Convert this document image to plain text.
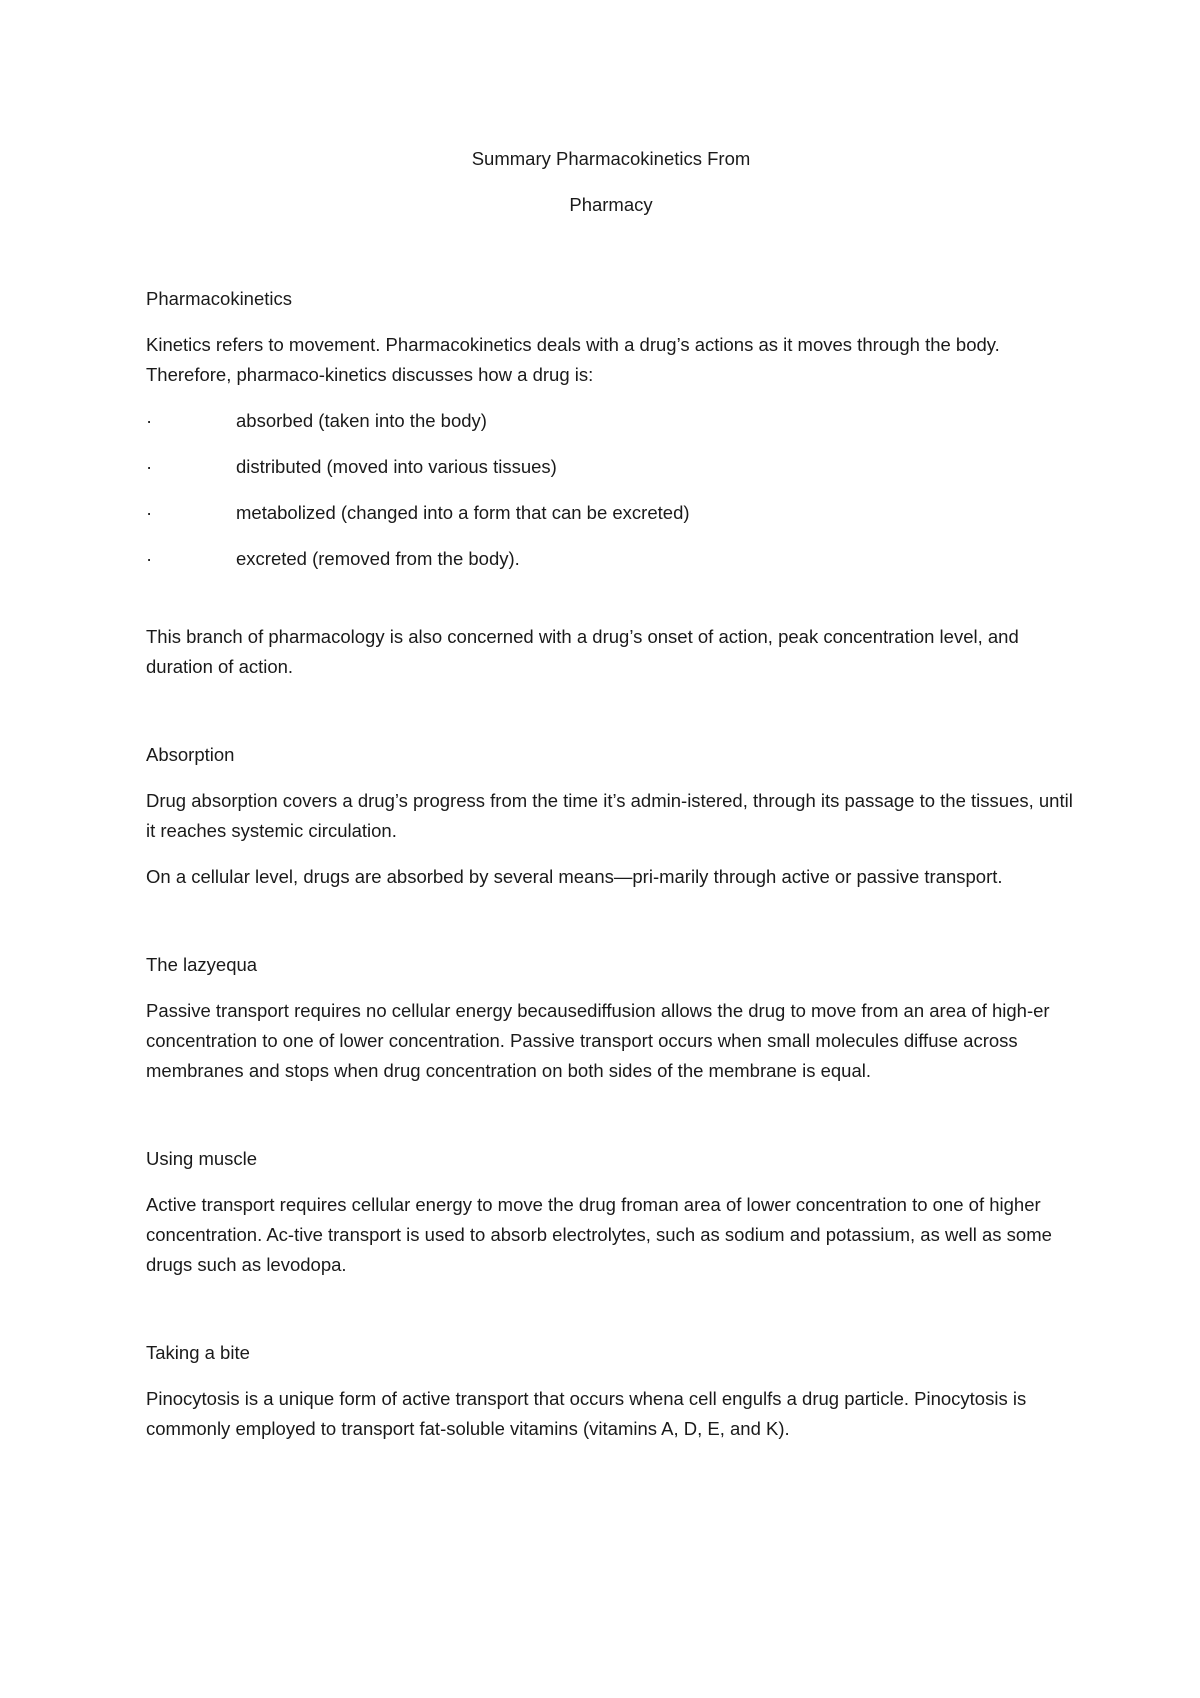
Summary Pharmacokinetics From

Pharmacy

Pharmacokinetics

Kinetics refers to movement. Pharmacokinetics deals with a drug’s actions as it moves through the body. Therefore, pharmaco-kinetics discusses how a drug is:

·	absorbed (taken into the body)
·	distributed (moved into various tissues)
·	metabolized (changed into a form that can be excreted)
·	excreted (removed from the body).

This branch of pharmacology is also concerned with a drug’s onset of action, peak concentration level, and duration of action.

Absorption

Drug absorption covers a drug’s progress from the time it’s admin-istered, through its passage to the tissues, until it reaches systemic circulation.

On a cellular level, drugs are absorbed by several means—pri-marily through active or passive transport.

The lazyequa

Passive transport requires no cellular energy becausediffusion allows the drug to move from an area of high-er concentration to one of lower concentration. Passive transport occurs when small molecules diffuse across membranes and stops when drug concentration on both sides of the membrane is equal.

Using muscle

Active transport requires cellular energy to move the drug froman area of lower concentration to one of higher concentration. Ac-tive transport is used to absorb electrolytes, such as sodium and potassium, as well as some drugs such as levodopa.

Taking a bite

Pinocytosis is a unique form of active transport that occurs whena cell engulfs a drug particle. Pinocytosis is commonly employed to transport fat-soluble vitamins (vitamins A, D, E, and K).
